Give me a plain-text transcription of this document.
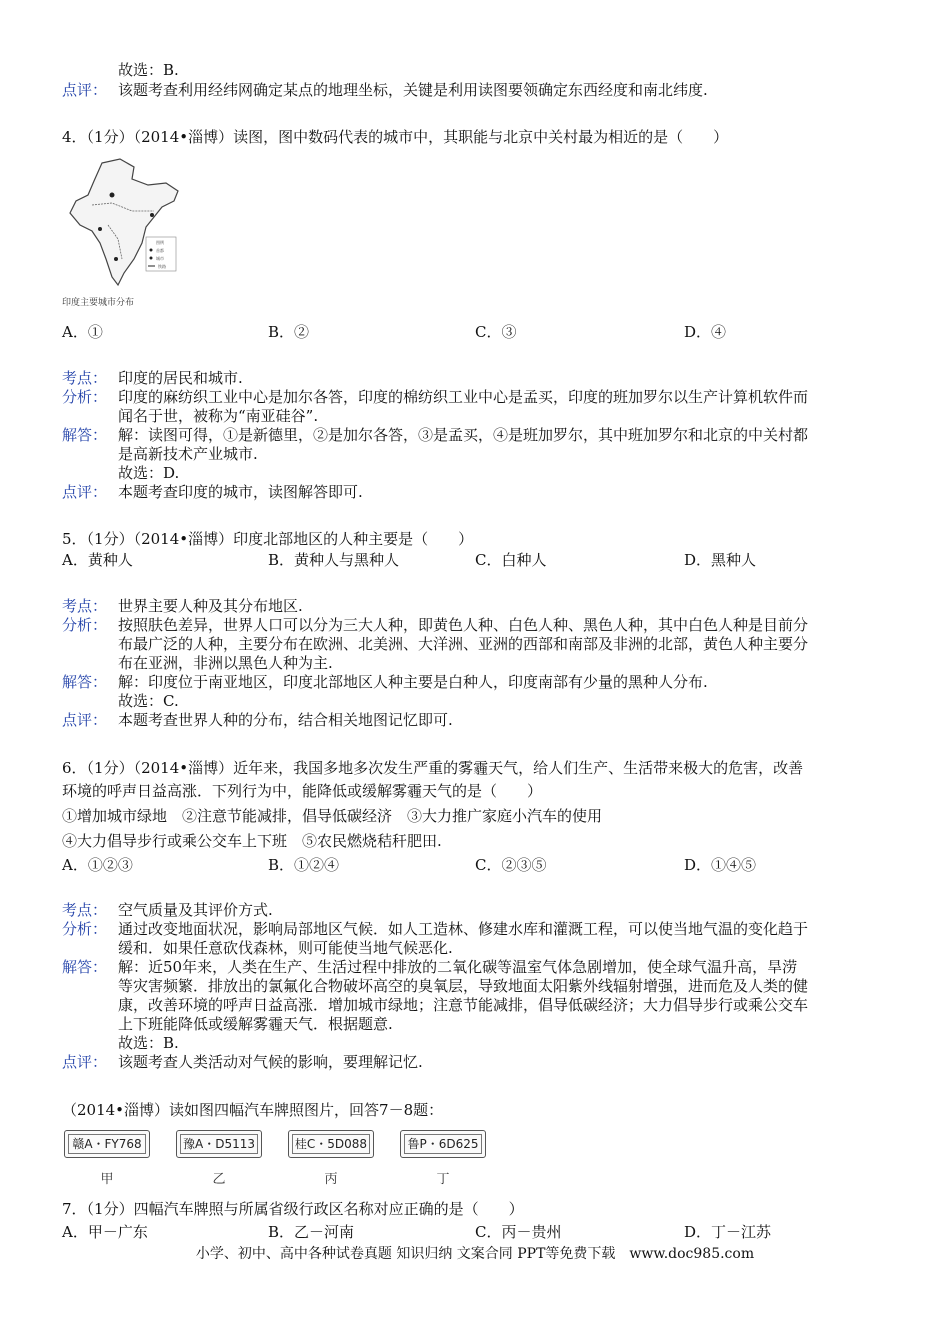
故选：B.
点评： 该题考查利用经纬网确定某点的地理坐标，关键是利用读图要领确定东西经度和南北纬度.
4．（1分）（2014•淄博）读图，图中数码代表的城市中，其职能与北京中关村最为相近的是（　　）
印度主要城市分布
图例
首都
城市
铁路
A．①	B．②	C．③	D．④
考点： 印度的居民和城市.
分析： 印度的麻纺织工业中心是加尔各答，印度的棉纺织工业中心是孟买，印度的班加罗尔以生产计算机软件而
闻名于世，被称为“南亚硅谷”.
解答： 解：读图可得，①是新德里，②是加尔各答，③是孟买，④是班加罗尔，其中班加罗尔和北京的中关村都
是高新技术产业城市.
故选：D.
点评： 本题考查印度的城市，读图解答即可.
5．（1分）（2014•淄博）印度北部地区的人种主要是（　　）
A．黄种人	B．黄种人与黑种人	C．白种人	D．黑种人
考点： 世界主要人种及其分布地区.
分析： 按照肤色差异，世界人口可以分为三大人种，即黄色人种、白色人种、黑色人种，其中白色人种是目前分
布最广泛的人种，主要分布在欧洲、北美洲、大洋洲、亚洲的西部和南部及非洲的北部，黄色人种主要分
布在亚洲，非洲以黑色人种为主.
解答： 解：印度位于南亚地区，印度北部地区人种主要是白种人，印度南部有少量的黑种人分布.
故选：C.
点评： 本题考查世界人种的分布，结合相关地图记忆即可.
6．（1分）（2014•淄博）近年来，我国多地多次发生严重的雾霾天气，给人们生产、生活带来极大的危害，改善
环境的呼声日益高涨．下列行为中，能降低或缓解雾霾天气的是（　　）
①增加城市绿地　②注意节能减排，倡导低碳经济　③大力推广家庭小汽车的使用
④大力倡导步行或乘公交车上下班　⑤农民燃烧秸秆肥田.
A．①②③	B．①②④	C．②③⑤	D．①④⑤
考点： 空气质量及其评价方式.
分析： 通过改变地面状况，影响局部地区气候．如人工造林、修建水库和灌溉工程，可以使当地气温的变化趋于
缓和．如果任意砍伐森林，则可能使当地气候恶化.
解答： 解：近50年来，人类在生产、生活过程中排放的二氧化碳等温室气体急剧增加，使全球气温升高，旱涝
等灾害频繁．排放出的氯氟化合物破坏高空的臭氧层，导致地面太阳紫外线辐射增强，进而危及人类的健
康，改善环境的呼声日益高涨．增加城市绿地；注意节能减排，倡导低碳经济；大力倡导步行或乘公交车
上下班能降低或缓解雾霾天气．根据题意.
故选：B.
点评： 该题考查人类活动对气候的影响，要理解记忆.
（2014•淄博）读如图四幅汽车牌照图片，回答7－8题：
赣A・FY768
甲
豫A・D5113
乙
桂C・5D088
丙
鲁P・6D625
丁
7．（1分）四幅汽车牌照与所属省级行政区名称对应正确的是（　　）
A．甲－广东	B．乙－河南	C．丙－贵州	D．丁－江苏
小学、初中、高中各种试卷真题 知识归纳 文案合同 PPT等免费下载　www.doc985.com
